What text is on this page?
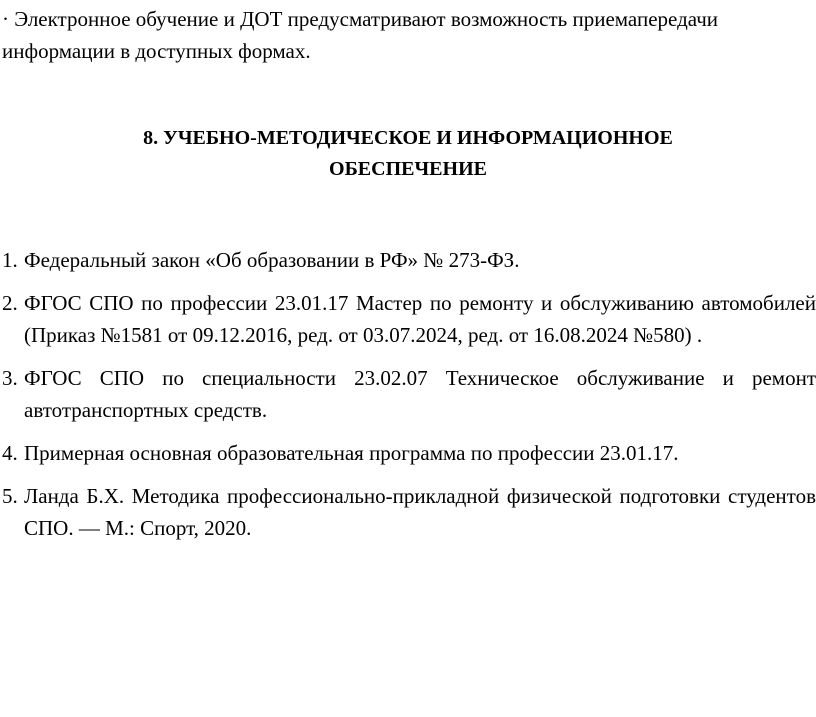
· Электронное обучение и ДОТ предусматривают возможность приемапередачи информации в доступных формах.

8. УЧЕБНО-МЕТОДИЧЕСКОЕ И ИНФОРМАЦИОННОЕ
ОБЕСПЕЧЕНИЕ
1. Федеральный закон «Об образовании в РФ» № 273-ФЗ.
2. ФГОС СПО по профессии 23.01.17 Мастер по ремонту и обслуживанию автомобилей (Приказ №1581 от 09.12.2016, ред. от 03.07.2024, ред. от 16.08.2024 №580) .
3. ФГОС СПО по специальности 23.02.07 Техническое обслуживание и ремонт автотранспортных средств.
4. Примерная основная образовательная программа по профессии 23.01.17.
5. Ланда Б.Х. Методика профессионально-прикладной физической подготовки студентов СПО. — М.: Спорт, 2020.
